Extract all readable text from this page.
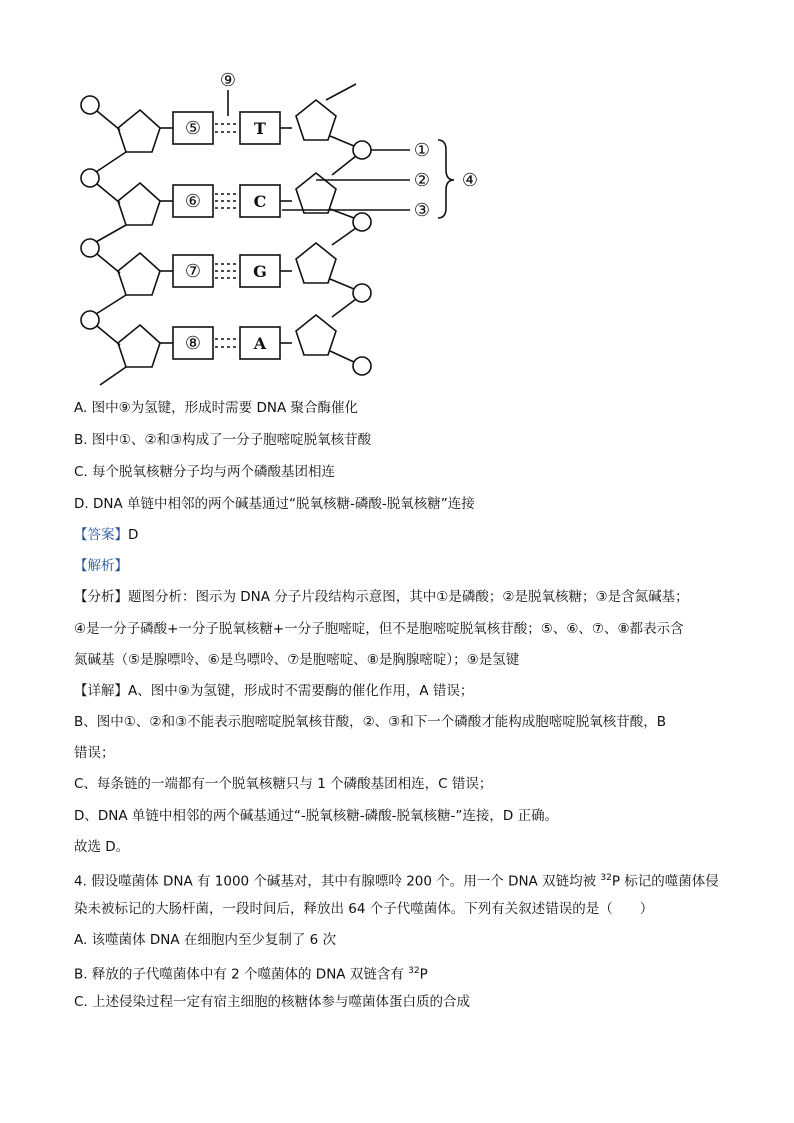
⑤
⑥
⑦
⑧
T
C
G
A
⑨
①
②
③
④
A. 图中⑨为氢键，形成时需要 DNA 聚合酶催化
B. 图中①、②和③构成了一分子胞嘧啶脱氧核苷酸
C. 每个脱氧核糖分子均与两个磷酸基团相连
D. DNA 单链中相邻的两个碱基通过“脱氧核糖-磷酸-脱氧核糖”连接
【答案】D
【解析】
【分析】题图分析：图示为 DNA 分子片段结构示意图，其中①是磷酸；②是脱氧核糖；③是含氮碱基；
④是一分子磷酸+一分子脱氧核糖+一分子胞嘧啶，但不是胞嘧啶脱氧核苷酸；⑤、⑥、⑦、⑧都表示含
氮碱基（⑤是腺嘌呤、⑥是鸟嘌呤、⑦是胞嘧啶、⑧是胸腺嘧啶）；⑨是氢键
【详解】A、图中⑨为氢键，形成时不需要酶的催化作用，A 错误；
B、图中①、②和③不能表示胞嘧啶脱氧核苷酸，②、③和下一个磷酸才能构成胞嘧啶脱氧核苷酸，B
错误；
C、每条链的一端都有一个脱氧核糖只与 1 个磷酸基团相连，C 错误；
D、DNA 单链中相邻的两个碱基通过“-脱氧核糖-磷酸-脱氧核糖-”连接，D 正确。
故选 D。
4. 假设噬菌体 DNA 有 1000 个碱基对，其中有腺嘌呤 200 个。用一个 DNA 双链均被 $^{32}$P 标记的噬菌体侵
染未被标记的大肠杆菌，一段时间后，释放出 64 个子代噬菌体。下列有关叙述错误的是（　　）
A. 该噬菌体 DNA 在细胞内至少复制了 6 次
B. 释放的子代噬菌体中有 2 个噬菌体的 DNA 双链含有 $^{32}$P
C. 上述侵染过程一定有宿主细胞的核糖体参与噬菌体蛋白质的合成
